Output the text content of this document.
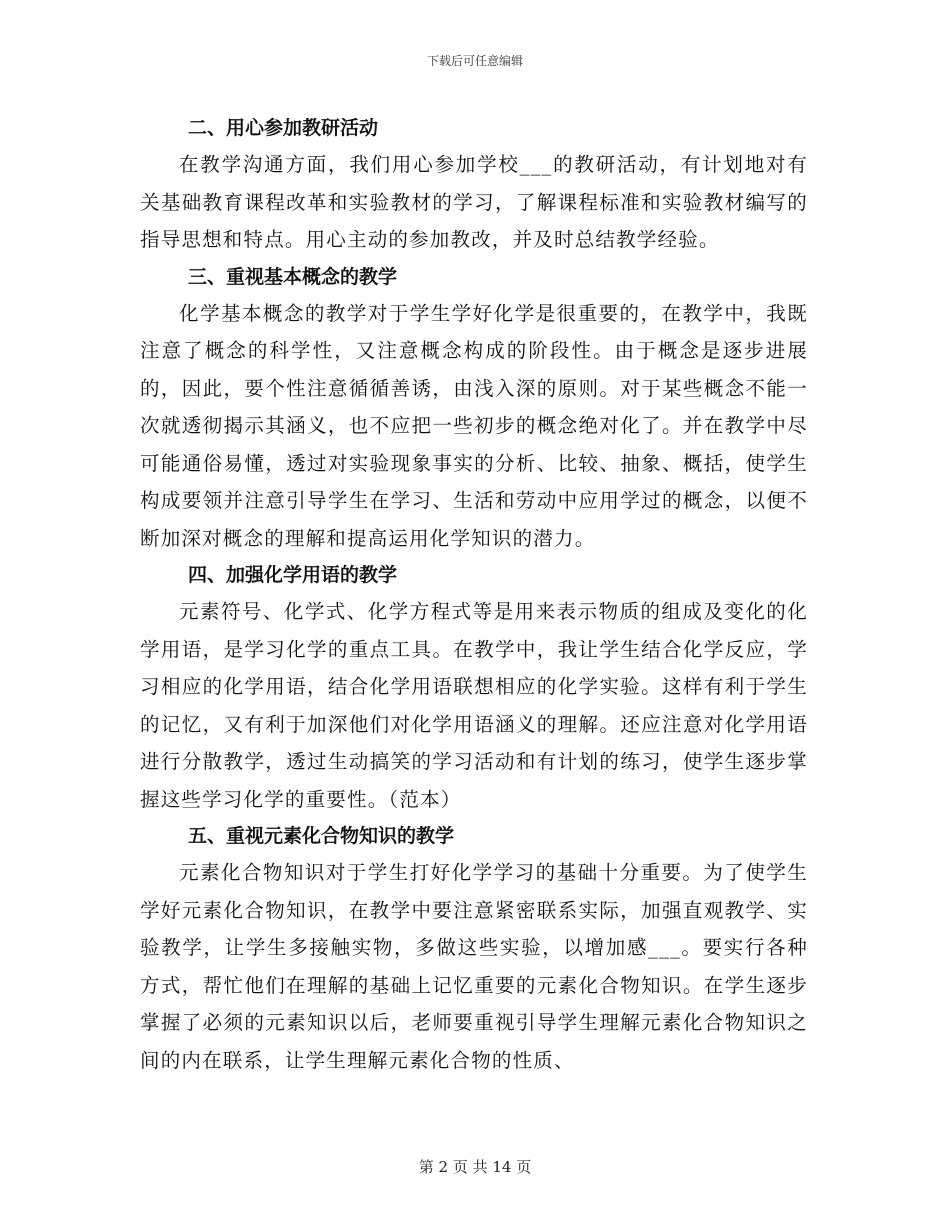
下载后可任意编辑
二、用心参加教研活动

在教学沟通方面，我们用心参加学校___的教研活动，有计划地对有关基础教育课程改革和实验教材的学习，了解课程标准和实验教材编写的指导思想和特点。用心主动的参加教改，并及时总结教学经验。

三、重视基本概念的教学

化学基本概念的教学对于学生学好化学是很重要的，在教学中，我既注意了概念的科学性，又注意概念构成的阶段性。由于概念是逐步进展的，因此，要个性注意循循善诱，由浅入深的原则。对于某些概念不能一次就透彻揭示其涵义，也不应把一些初步的概念绝对化了。并在教学中尽可能通俗易懂，透过对实验现象事实的分析、比较、抽象、概括，使学生构成要领并注意引导学生在学习、生活和劳动中应用学过的概念，以便不断加深对概念的理解和提高运用化学知识的潜力。

四、加强化学用语的教学

元素符号、化学式、化学方程式等是用来表示物质的组成及变化的化学用语，是学习化学的重点工具。在教学中，我让学生结合化学反应，学习相应的化学用语，结合化学用语联想相应的化学实验。这样有利于学生的记忆，又有利于加深他们对化学用语涵义的理解。还应注意对化学用语进行分散教学，透过生动搞笑的学习活动和有计划的练习，使学生逐步掌握这些学习化学的重要性。（范本）

五、重视元素化合物知识的教学

元素化合物知识对于学生打好化学学习的基础十分重要。为了使学生学好元素化合物知识，在教学中要注意紧密联系实际，加强直观教学、实验教学，让学生多接触实物，多做这些实验，以增加感___。要实行各种方式，帮忙他们在理解的基础上记忆重要的元素化合物知识。在学生逐步掌握了必须的元素知识以后，老师要重视引导学生理解元素化合物知识之间的内在联系，让学生理解元素化合物的性质、

第 2 页 共 14 页
